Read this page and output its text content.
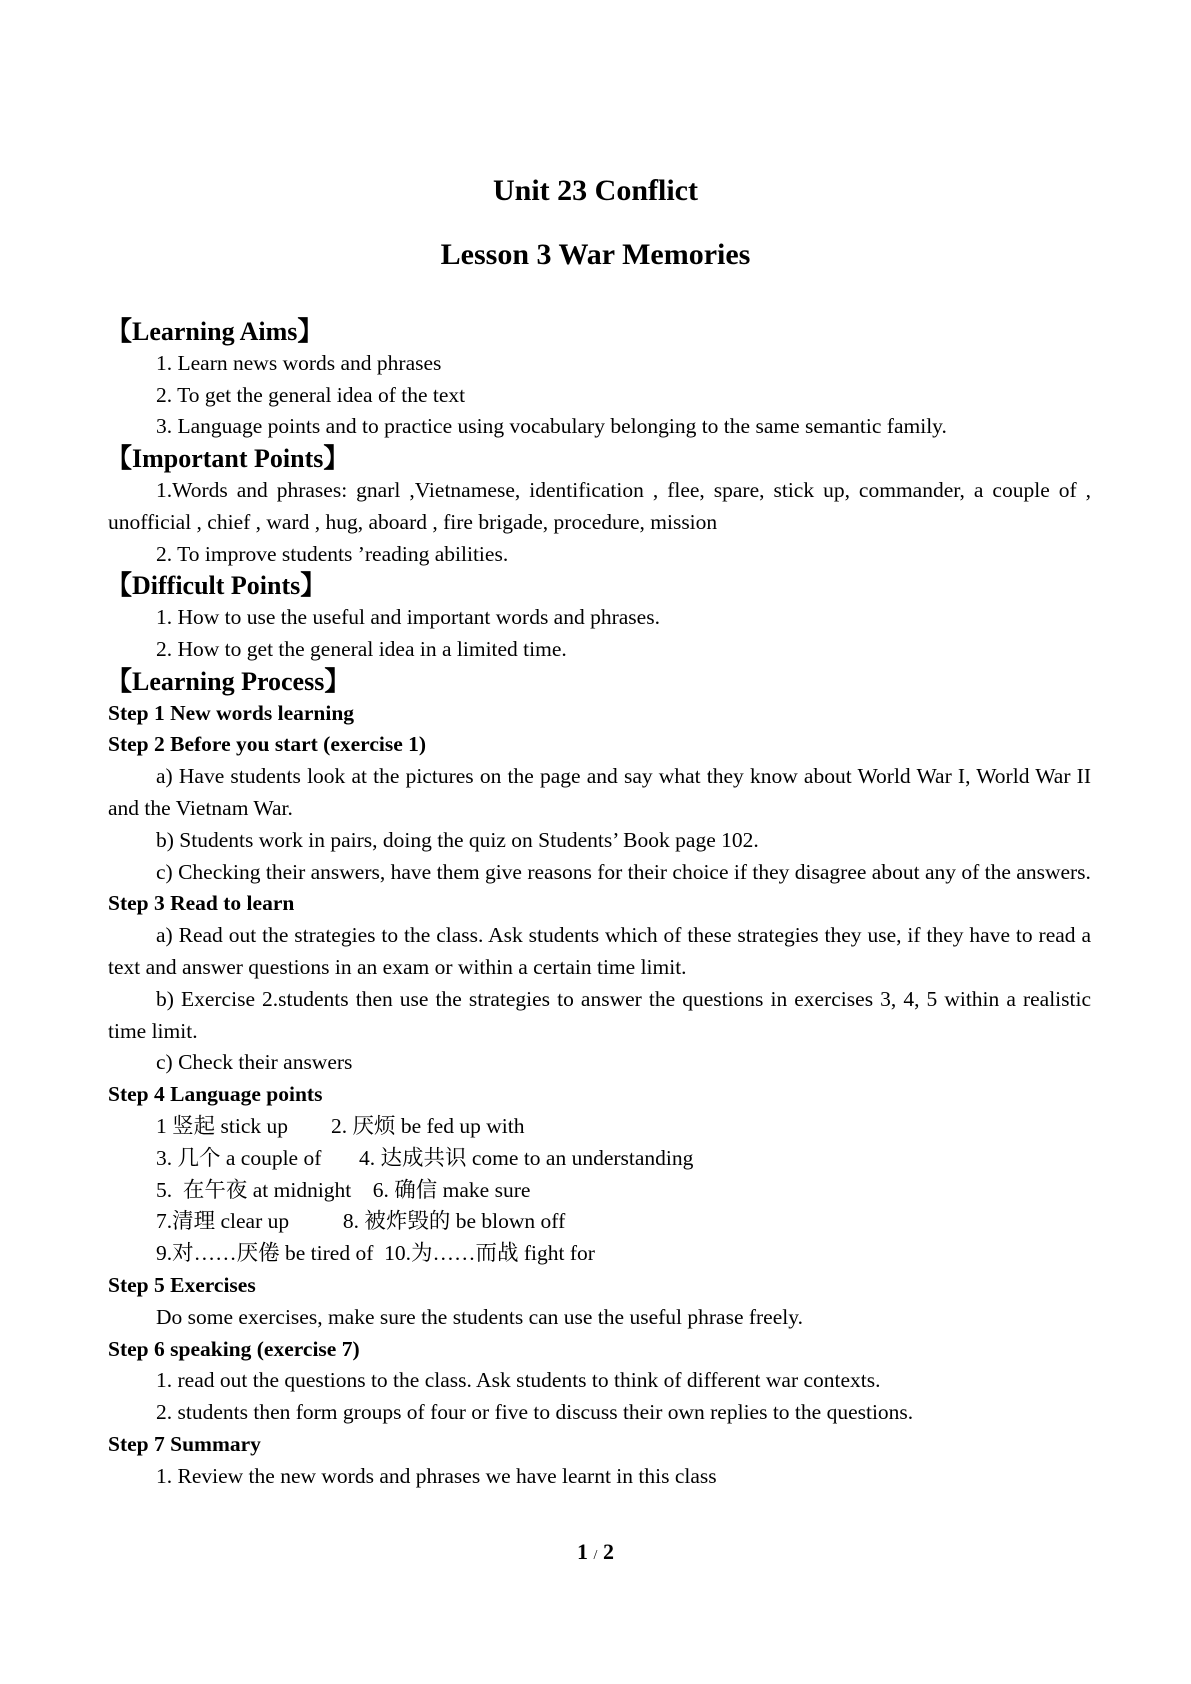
Unit 23 Conflict
Lesson 3 War Memories
【Learning Aims】
1. Learn news words and phrases
2. To get the general idea of the text
3. Language points and to practice using vocabulary belonging to the same semantic family.
【Important Points】
1.Words and phrases: gnarl ,Vietnamese, identification , flee, spare, stick up, commander, a couple of , unofficial , chief , ward , hug, aboard , fire brigade, procedure, mission
2. To improve students ’reading abilities.
【Difficult Points】
1. How to use the useful and important words and phrases.
2. How to get the general idea in a limited time.
【Learning Process】
Step 1 New words learning
Step 2 Before you start (exercise 1)
a) Have students look at the pictures on the page and say what they know about World War I, World War II and the Vietnam War.
b) Students work in pairs, doing the quiz on Students’ Book page 102.
c) Checking their answers, have them give reasons for their choice if they disagree about any of the answers.
Step 3 Read to learn
a) Read out the strategies to the class. Ask students which of these strategies they use, if they have to read a text and answer questions in an exam or within a certain time limit.
b) Exercise 2.students then use the strategies to answer the questions in exercises 3, 4, 5 within a realistic time limit.
c) Check their answers
Step 4 Language points
1 竖起 stick up        2. 厌烦 be fed up with
3. 几个 a couple of       4. 达成共识 come to an understanding
5.  在午夜 at midnight    6. 确信 make sure
7.清理 clear up          8. 被炸毁的 be blown off
9.对……厌倦 be tired of  10.为……而战 fight for
Step 5 Exercises
Do some exercises, make sure the students can use the useful phrase freely.
Step 6 speaking (exercise 7)
1. read out the questions to the class. Ask students to think of different war contexts.
2. students then form groups of four or five to discuss their own replies to the questions.
Step 7 Summary
1. Review the new words and phrases we have learnt in this class
1 / 2
